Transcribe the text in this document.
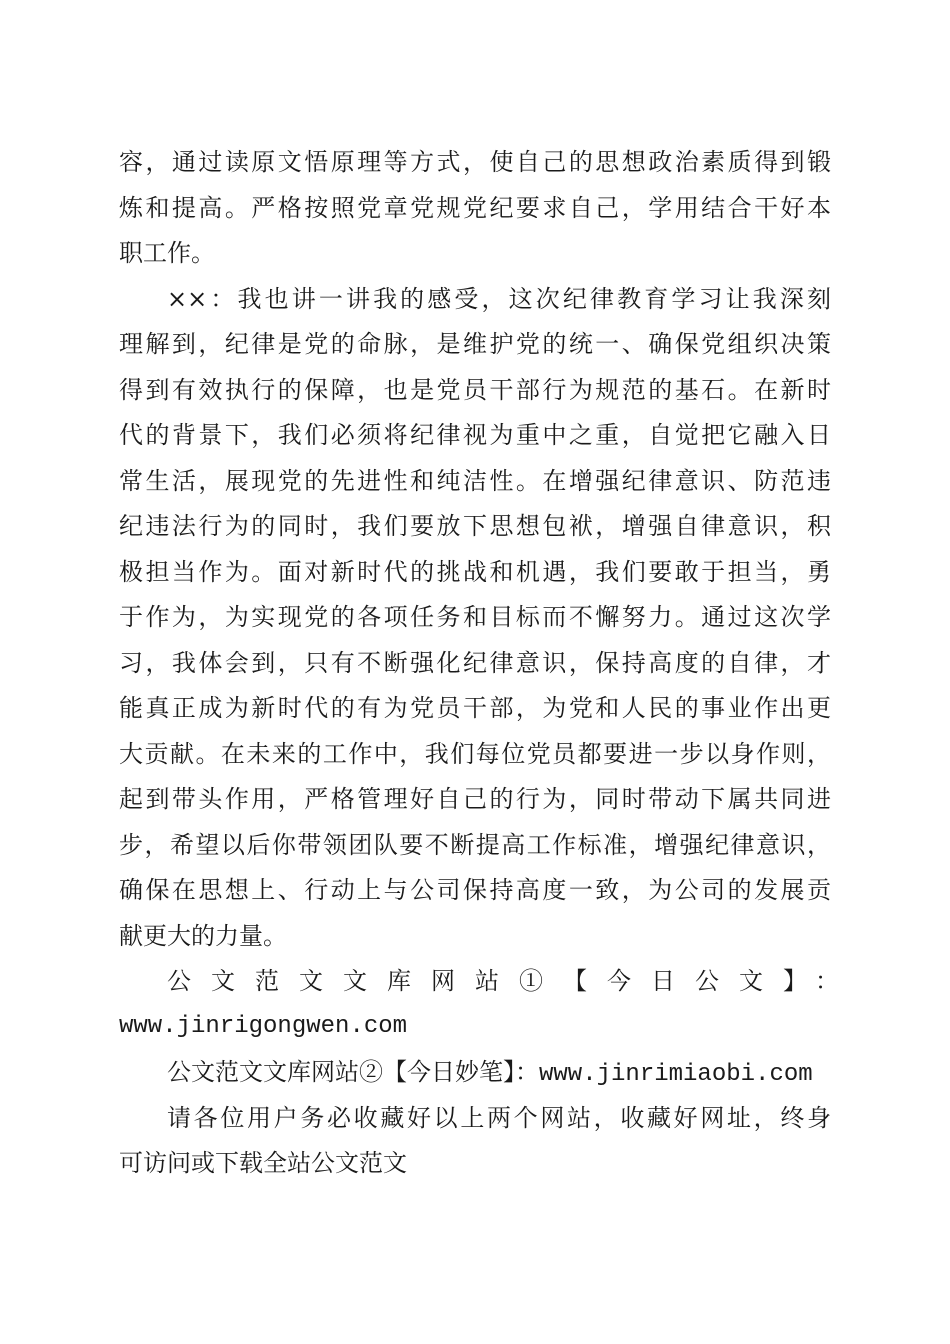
容，通过读原文悟原理等方式，使自己的思想政治素质得到锻
炼和提高。严格按照党章党规党纪要求自己，学用结合干好本
职工作。
××：我也讲一讲我的感受，这次纪律教育学习让我深刻
理解到，纪律是党的命脉，是维护党的统一、确保党组织决策
得到有效执行的保障，也是党员干部行为规范的基石。在新时
代的背景下，我们必须将纪律视为重中之重，自觉把它融入日
常生活，展现党的先进性和纯洁性。在增强纪律意识、防范违
纪违法行为的同时，我们要放下思想包袱，增强自律意识，积
极担当作为。面对新时代的挑战和机遇，我们要敢于担当，勇
于作为，为实现党的各项任务和目标而不懈努力。通过这次学
习，我体会到，只有不断强化纪律意识，保持高度的自律，才
能真正成为新时代的有为党员干部，为党和人民的事业作出更
大贡献。在未来的工作中，我们每位党员都要进一步以身作则，
起到带头作用，严格管理好自己的行为，同时带动下属共同进
步，希望以后你带领团队要不断提高工作标准，增强纪律意识，
确保在思想上、行动上与公司保持高度一致，为公司的发展贡
献更大的力量。
公文范文文库网站①【今日公文】：
www.jinrigongwen.com
公文范文文库网站②【今日妙笔】：www.jinrimiaobi.com
请各位用户务必收藏好以上两个网站，收藏好网址，终身
可访问或下载全站公文范文
